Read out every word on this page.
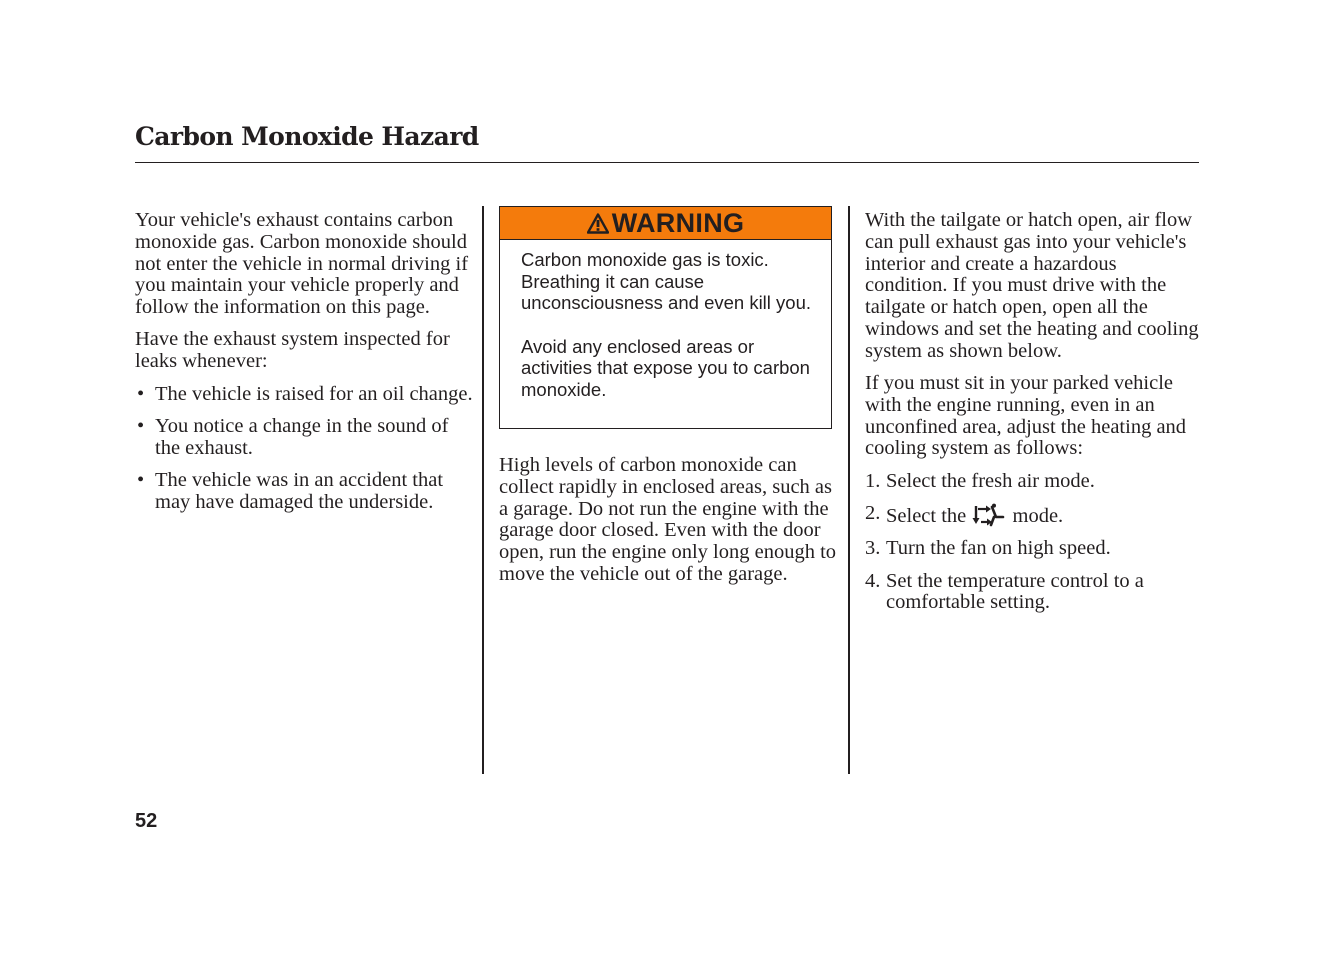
Carbon Monoxide Hazard

Your vehicle's exhaust contains carbon monoxide gas. Carbon monoxide should not enter the vehicle in normal driving if you maintain your vehicle properly and follow the information on this page.

Have the exhaust system inspected for leaks whenever:

• The vehicle is raised for an oil change.
• You notice a change in the sound of the exhaust.
• The vehicle was in an accident that may have damaged the underside.
WARNING

Carbon monoxide gas is toxic. Breathing it can cause unconsciousness and even kill you.

Avoid any enclosed areas or activities that expose you to carbon monoxide.

High levels of carbon monoxide can collect rapidly in enclosed areas, such as a garage. Do not run the engine with the garage door closed. Even with the door open, run the engine only long enough to move the vehicle out of the garage.

With the tailgate or hatch open, air flow can pull exhaust gas into your vehicle's interior and create a hazardous condition. If you must drive with the tailgate or hatch open, open all the windows and set the heating and cooling system as shown below.

If you must sit in your parked vehicle with the engine running, even in an unconfined area, adjust the heating and cooling system as follows:

1. Select the fresh air mode.
2. Select the mode.
3. Turn the fan on high speed.
4. Set the temperature control to a comfortable setting.
52
